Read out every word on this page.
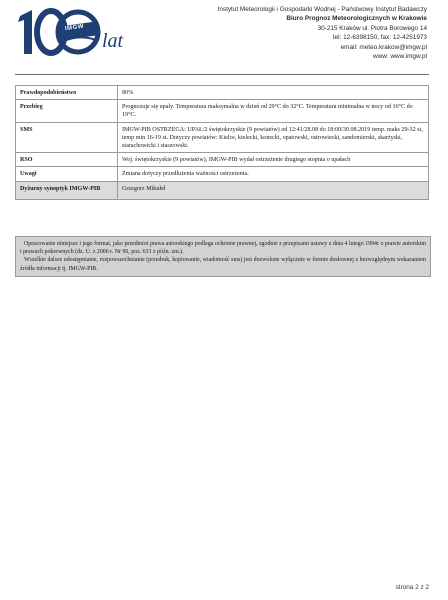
IMGW
lat
Instytut Meteorologii i Gospodarki Wodnej - Państwowy Instytut Badawczy
Biuro Prognoz Meteorologicznych w Krakowie
30-215 Kraków ul. Piotra Borowego 14
tel: 12-6398150, fax: 12-4251973
email: meteo.krakow@imgw.pl
www: www.imgw.pl
Prawdopodobieństwo	80%
Przebieg	Prognozuje się upały. Temperatura maksymalna w dzień od 29°C do 32°C. Temperatura minimalna w nocy od 16°C do 19°C.
SMS	IMGW-PIB OSTRZEGA: UPAŁ/2 świętokrzyskie (9 powiatów) od 12:41/28.08 do 18:00/30.08.2019 temp. maks 29-32 st, temp min 16-19 st. Dotyczy powiatów: Kielce, kielecki, konecki, opatowski, ostrowiecki, sandomierski, skarżyski, starachowicki i staszowski.
RSO	Woj. świętokrzyskie (9 powiatów), IMGW-PIB wydał ostrzeżenie drugiego stopnia o upałach
Uwagi	Zmiana dotyczy przedłużenia ważności ostrzeżenia.
Dyżurny synoptyk IMGW-PIB	Grzegorz Mikułeł

Opracowanie niniejsze i jego format, jako przedmiot prawa autorskiego podlega ochronie prawnej, zgodnie z przepisami ustawy z dnia 4 lutego 1994r o prawie autorskim i prawach pokrewnych (dz. U. z 2006 r. Nr 90, poz. 631 z późn. zm.).

Wszelkie dalsze udostępnianie, rozpowszechnianie (przedruk, kopiowanie, wiadomość sms) jest dozwolone wyłącznie w formie dosłownej z bezwzględnym wskazaniem źródła informacji tj. IMGW-PIB.

strona 2 z 2
